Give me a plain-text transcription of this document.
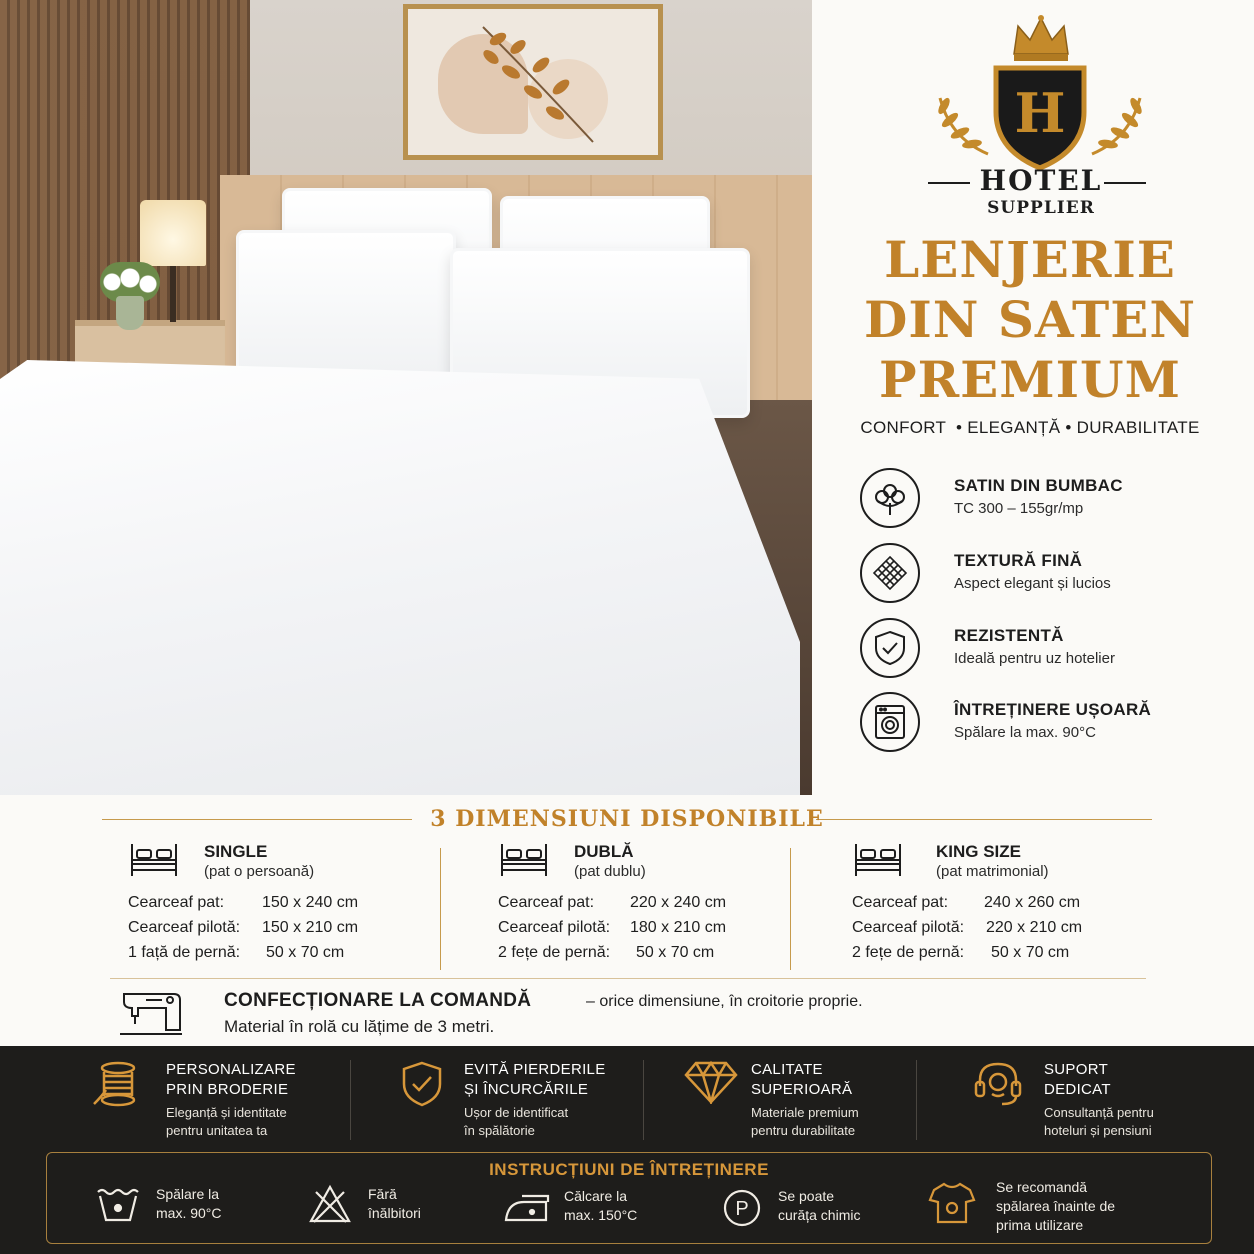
H
HOTEL
SUPPLIER
LENJERIE
DIN SATEN
PREMIUM
CONFORT  • ELEGANȚĂ • DURABILITATE
SATIN DIN BUMBAC
TC 300 – 155gr/mp
TEXTURĂ FINĂ
Aspect elegant și lucios
REZISTENTĂ
Ideală pentru uz hotelier
ÎNTREȚINERE UȘOARĂ
Spălare la max. 90°C
3 DIMENSIUNI DISPONIBILE
SINGLE
(pat o persoană)
Cearceaf pat: 150 x 240 cm
Cearceaf pilotă: 150 x 210 cm
1 față de pernă: 50 x 70 cm
DUBLĂ
(pat dublu)
Cearceaf pat: 220 x 240 cm
Cearceaf pilotă: 180 x 210 cm
2 fețe de pernă: 50 x 70 cm
KING SIZE
(pat matrimonial)
Cearceaf pat: 240 x 260 cm
Cearceaf pilotă: 220 x 210 cm
2 fețe de pernă: 50 x 70 cm
CONFECȚIONARE LA COMANDĂ	– orice dimensiune, în croitorie proprie.
Material în rolă cu lățime de 3 metri.
PERSONALIZARE
PRIN BRODERIE
Eleganță și identitate
pentru unitatea ta
EVITĂ PIERDERILE
ȘI ÎNCURCĂRILE
Ușor de identificat
în spălătorie
CALITATE
SUPERIOARĂ
Materiale premium
pentru durabilitate
SUPORT
DEDICAT
Consultanță pentru
hoteluri și pensiuni
INSTRUCȚIUNI DE ÎNTREȚINERE
Spălare la
max. 90°C
Fără
înălbitori
Călcare la
max. 150°C	P
Se poate
curăța chimic
Se recomandă
spălarea înainte de
prima utilizare
